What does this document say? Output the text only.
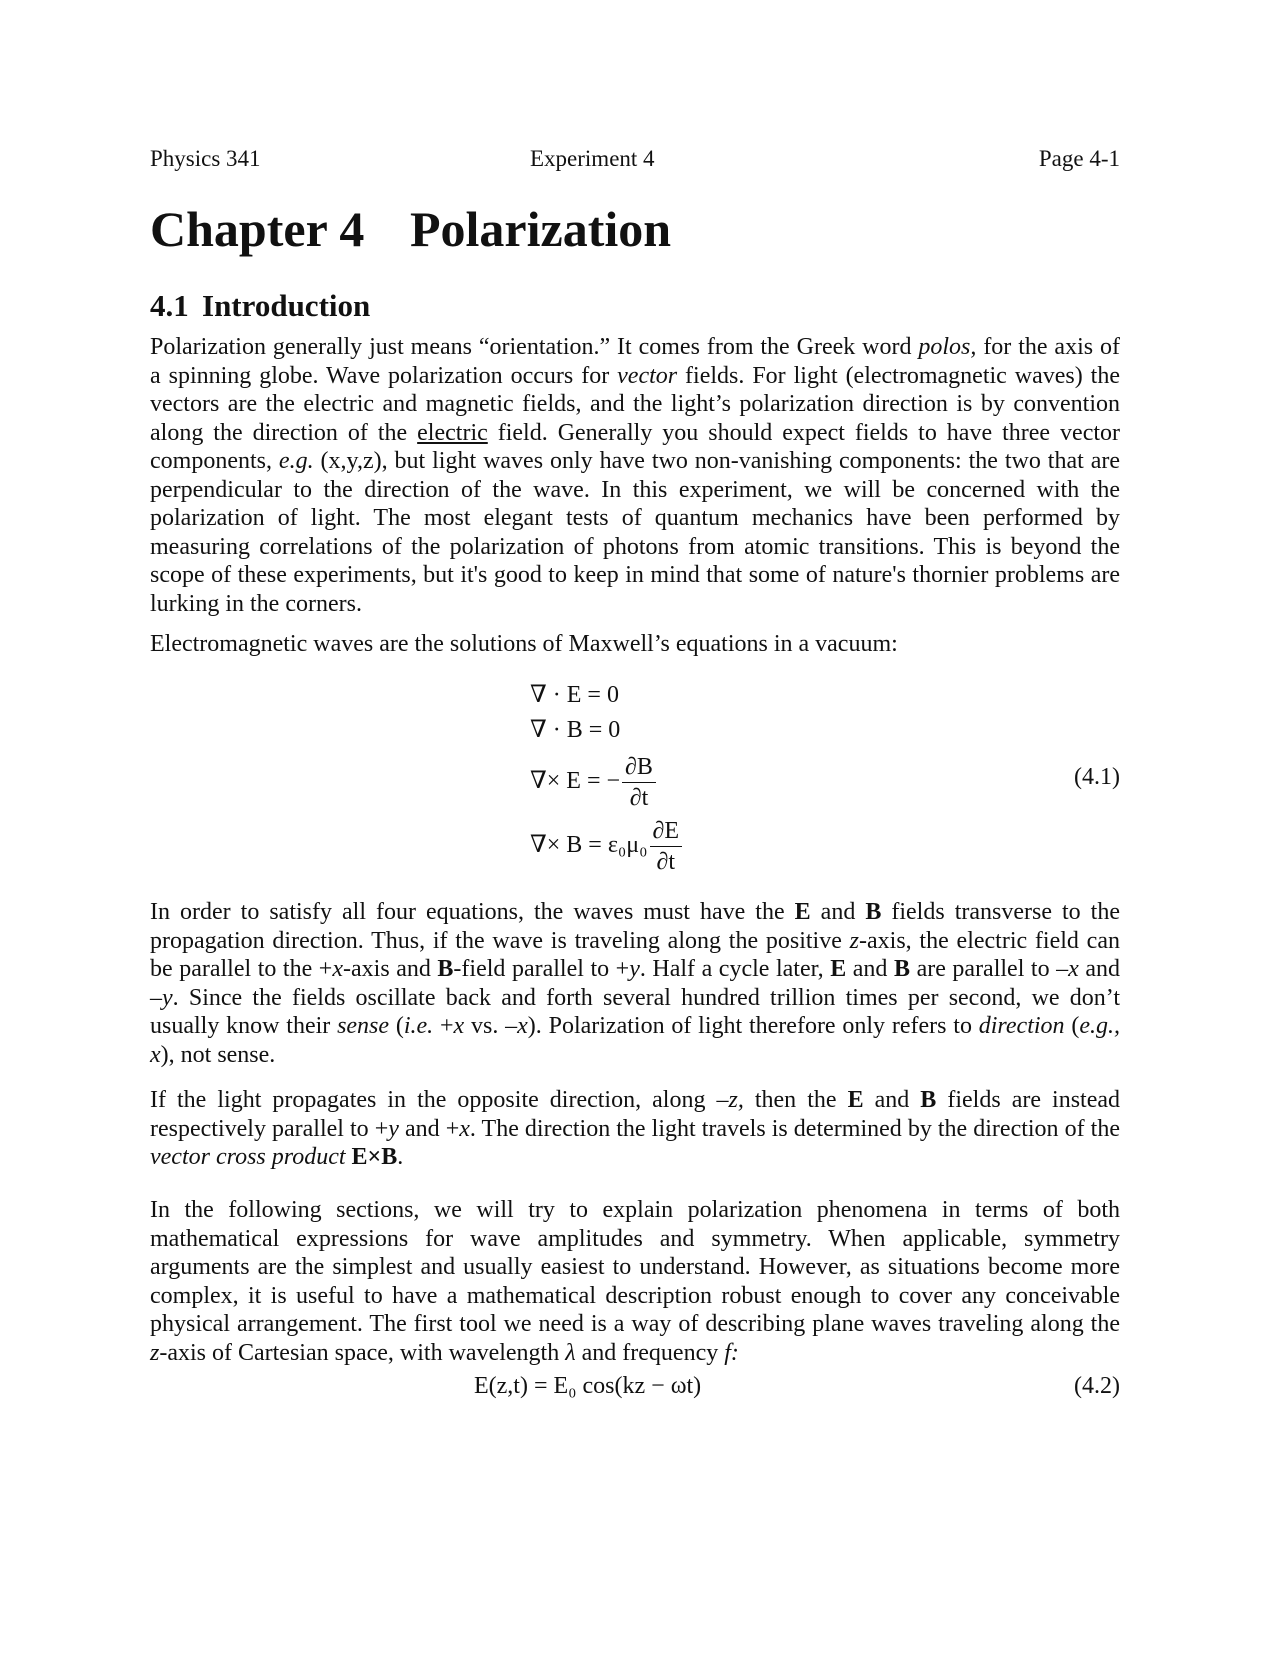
Physics 341	Experiment 4	Page 4-1
Chapter 4 Polarization
4.1 Introduction
Polarization generally just means “orientation.” It comes from the Greek word polos, for the axis of a spinning globe. Wave polarization occurs for vector fields. For light (electromagnetic waves) the vectors are the electric and magnetic fields, and the light’s polarization direction is by convention along the direction of the electric field. Generally you should expect fields to have three vector components, e.g. (x,y,z), but light waves only have two non-vanishing components: the two that are perpendicular to the direction of the wave. In this experiment, we will be concerned with the polarization of light. The most elegant tests of quantum mechanics have been performed by measuring correlations of the polarization of photons from atomic transitions. This is beyond the scope of these experiments, but it's good to keep in mind that some of nature's thornier problems are lurking in the corners.
Electromagnetic waves are the solutions of Maxwell’s equations in a vacuum:
∇ · E = 0
∇ · B = 0
∇× E = − $\frac{\partial B}{\partial t}$
∇× $B = \varepsilon_0\mu_0 \frac{\partial E}{\partial t}$
(4.1)
In order to satisfy all four equations, the waves must have the E and B fields transverse to the propagation direction. Thus, if the wave is traveling along the positive z-axis, the electric field can be parallel to the +x-axis and B-field parallel to +y. Half a cycle later, E and B are parallel to –x and –y. Since the fields oscillate back and forth several hundred trillion times per second, we don’t usually know their sense (i.e. +x vs. –x). Polarization of light therefore only refers to direction (e.g., x), not sense.
If the light propagates in the opposite direction, along –z, then the E and B fields are instead respectively parallel to +y and +x. The direction the light travels is determined by the direction of the vector cross product E×B.
In the following sections, we will try to explain polarization phenomena in terms of both mathematical expressions for wave amplitudes and symmetry. When applicable, symmetry arguments are the simplest and usually easiest to understand. However, as situations become more complex, it is useful to have a mathematical description robust enough to cover any conceivable physical arrangement. The first tool we need is a way of describing plane waves traveling along the z-axis of Cartesian space, with wavelength λ and frequency f:
E(z,t) = E₀ cos(kz − ωt)	(4.2)
